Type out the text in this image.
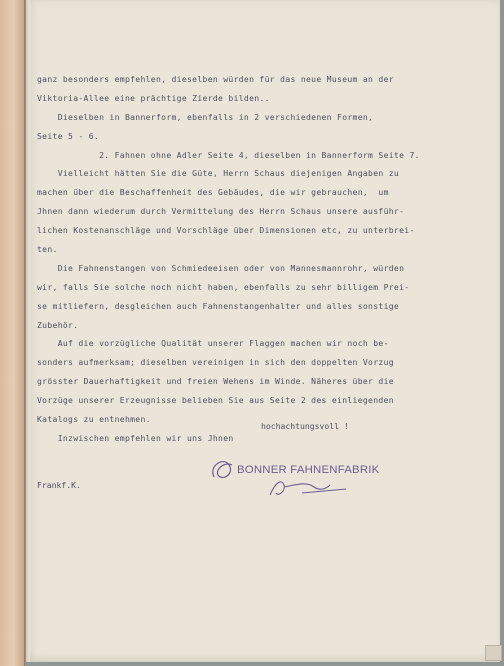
ganz besonders empfehlen, dieselben würden für das neue Museum an der
Viktoria-Allee eine prächtige Zierde bilden..
Dieselben in Bannerform, ebenfalls in 2 verschiedenen Formen,
Seite 5 - 6.
2. Fahnen ohne Adler Seite 4, dieselben in Bannerform Seite 7.
Vielleicht hätten Sie die Güte, Herrn Schaus diejenigen Angaben zu
machen über die Beschaffenheit des Gebäudes, die wir gebrauchen,  um
Jhnen dann wiederum durch Vermittelung des Herrn Schaus unsere ausführ-
lichen Kostenanschläge und Vorschläge über Dimensionen etc, zu unterbrei-
ten.
Die Fahnenstangen von Schmiedeeisen oder von Mannesmannrohr, würden
wir, falls Sie solche noch nicht haben, ebenfalls zu sehr billigem Prei-
se mitliefern, desgleichen auch Fahnenstangenhalter und alles sonstige
Zubehör.
Auf die vorzügliche Qualität unserer Flaggen machen wir noch be-
sonders aufmerksam; dieselben vereinigen in sich den doppelten Vorzug
grösster Dauerhaftigkeit und freien Wehens im Winde. Näheres über die
Vorzüge unserer Erzeugnisse belieben Sie aus Seite 2 des einliegenden
Katalogs zu entnehmen.
Inzwischen empfehlen wir uns Jhnen
hochachtungsvoll !
BONNER FAHNENFABRIK
Frankf.K.
